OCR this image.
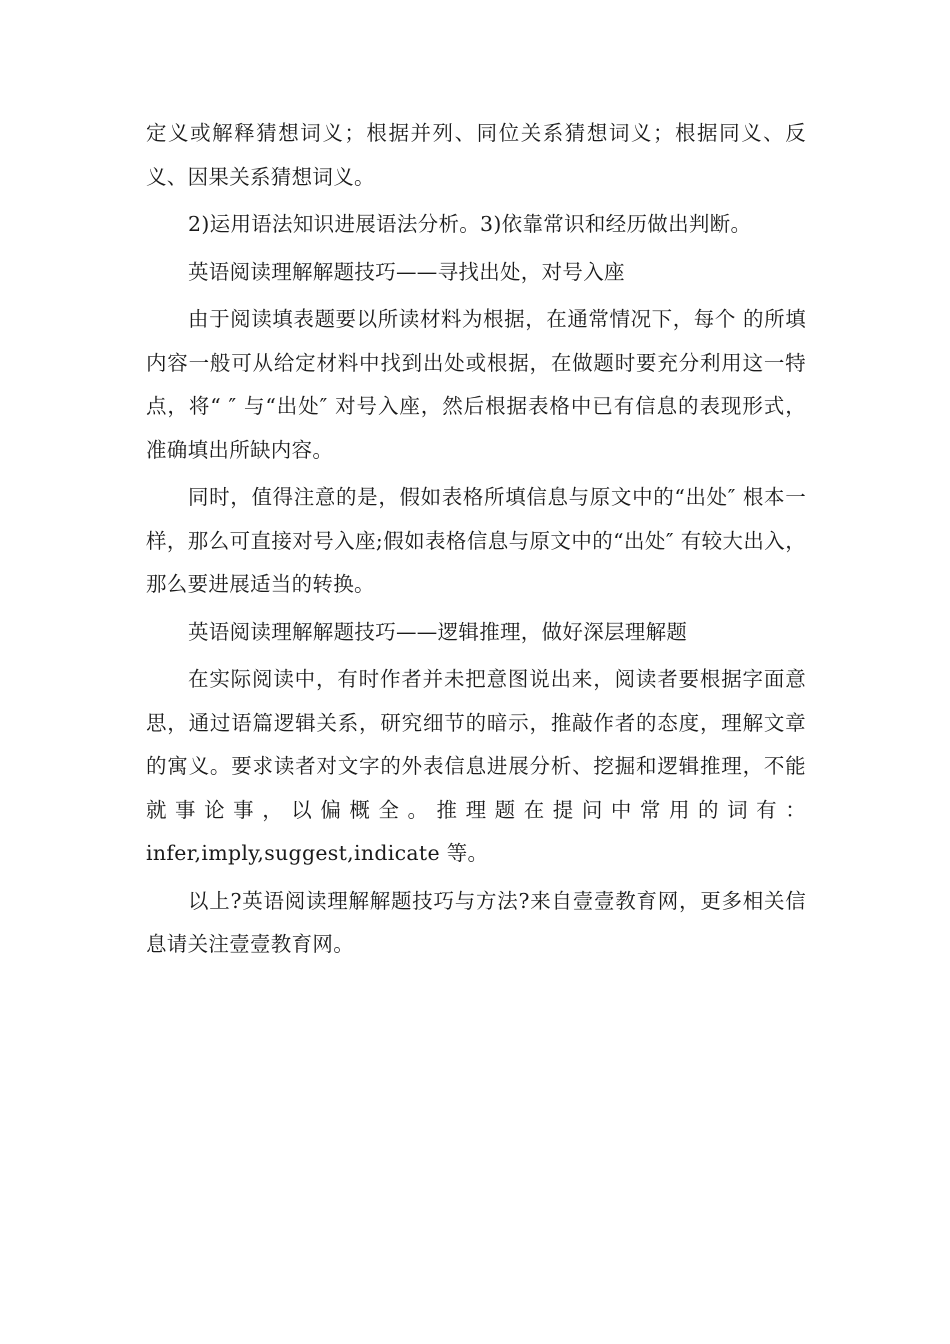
定义或解释猜想词义；根据并列、同位关系猜想词义；根据同义、反义、因果关系猜想词义。

2)运用语法知识进展语法分析。3)依靠常识和经历做出判断。

英语阅读理解解题技巧——寻找出处，对号入座

由于阅读填表题要以所读材料为根据，在通常情况下，每个 的所填内容一般可从给定材料中找到出处或根据，在做题时要充分利用这一特点，将“ ″ 与“出处″ 对号入座，然后根据表格中已有信息的表现形式，准确填出所缺内容。

同时，值得注意的是，假如表格所填信息与原文中的“出处″ 根本一样，那么可直接对号入座;假如表格信息与原文中的“出处″ 有较大出入，那么要进展适当的转换。

英语阅读理解解题技巧——逻辑推理，做好深层理解题

在实际阅读中，有时作者并未把意图说出来，阅读者要根据字面意思，通过语篇逻辑关系，研究细节的暗示，推敲作者的态度，理解文章的寓义。要求读者对文字的外表信息进展分析、挖掘和逻辑推理，不能就事论事，以偏概全。推理题在提问中常用的词有：infer,imply,suggest,indicate 等。

以上?英语阅读理解解题技巧与方法?来自壹壹教育网，更多相关信息请关注壹壹教育网。
